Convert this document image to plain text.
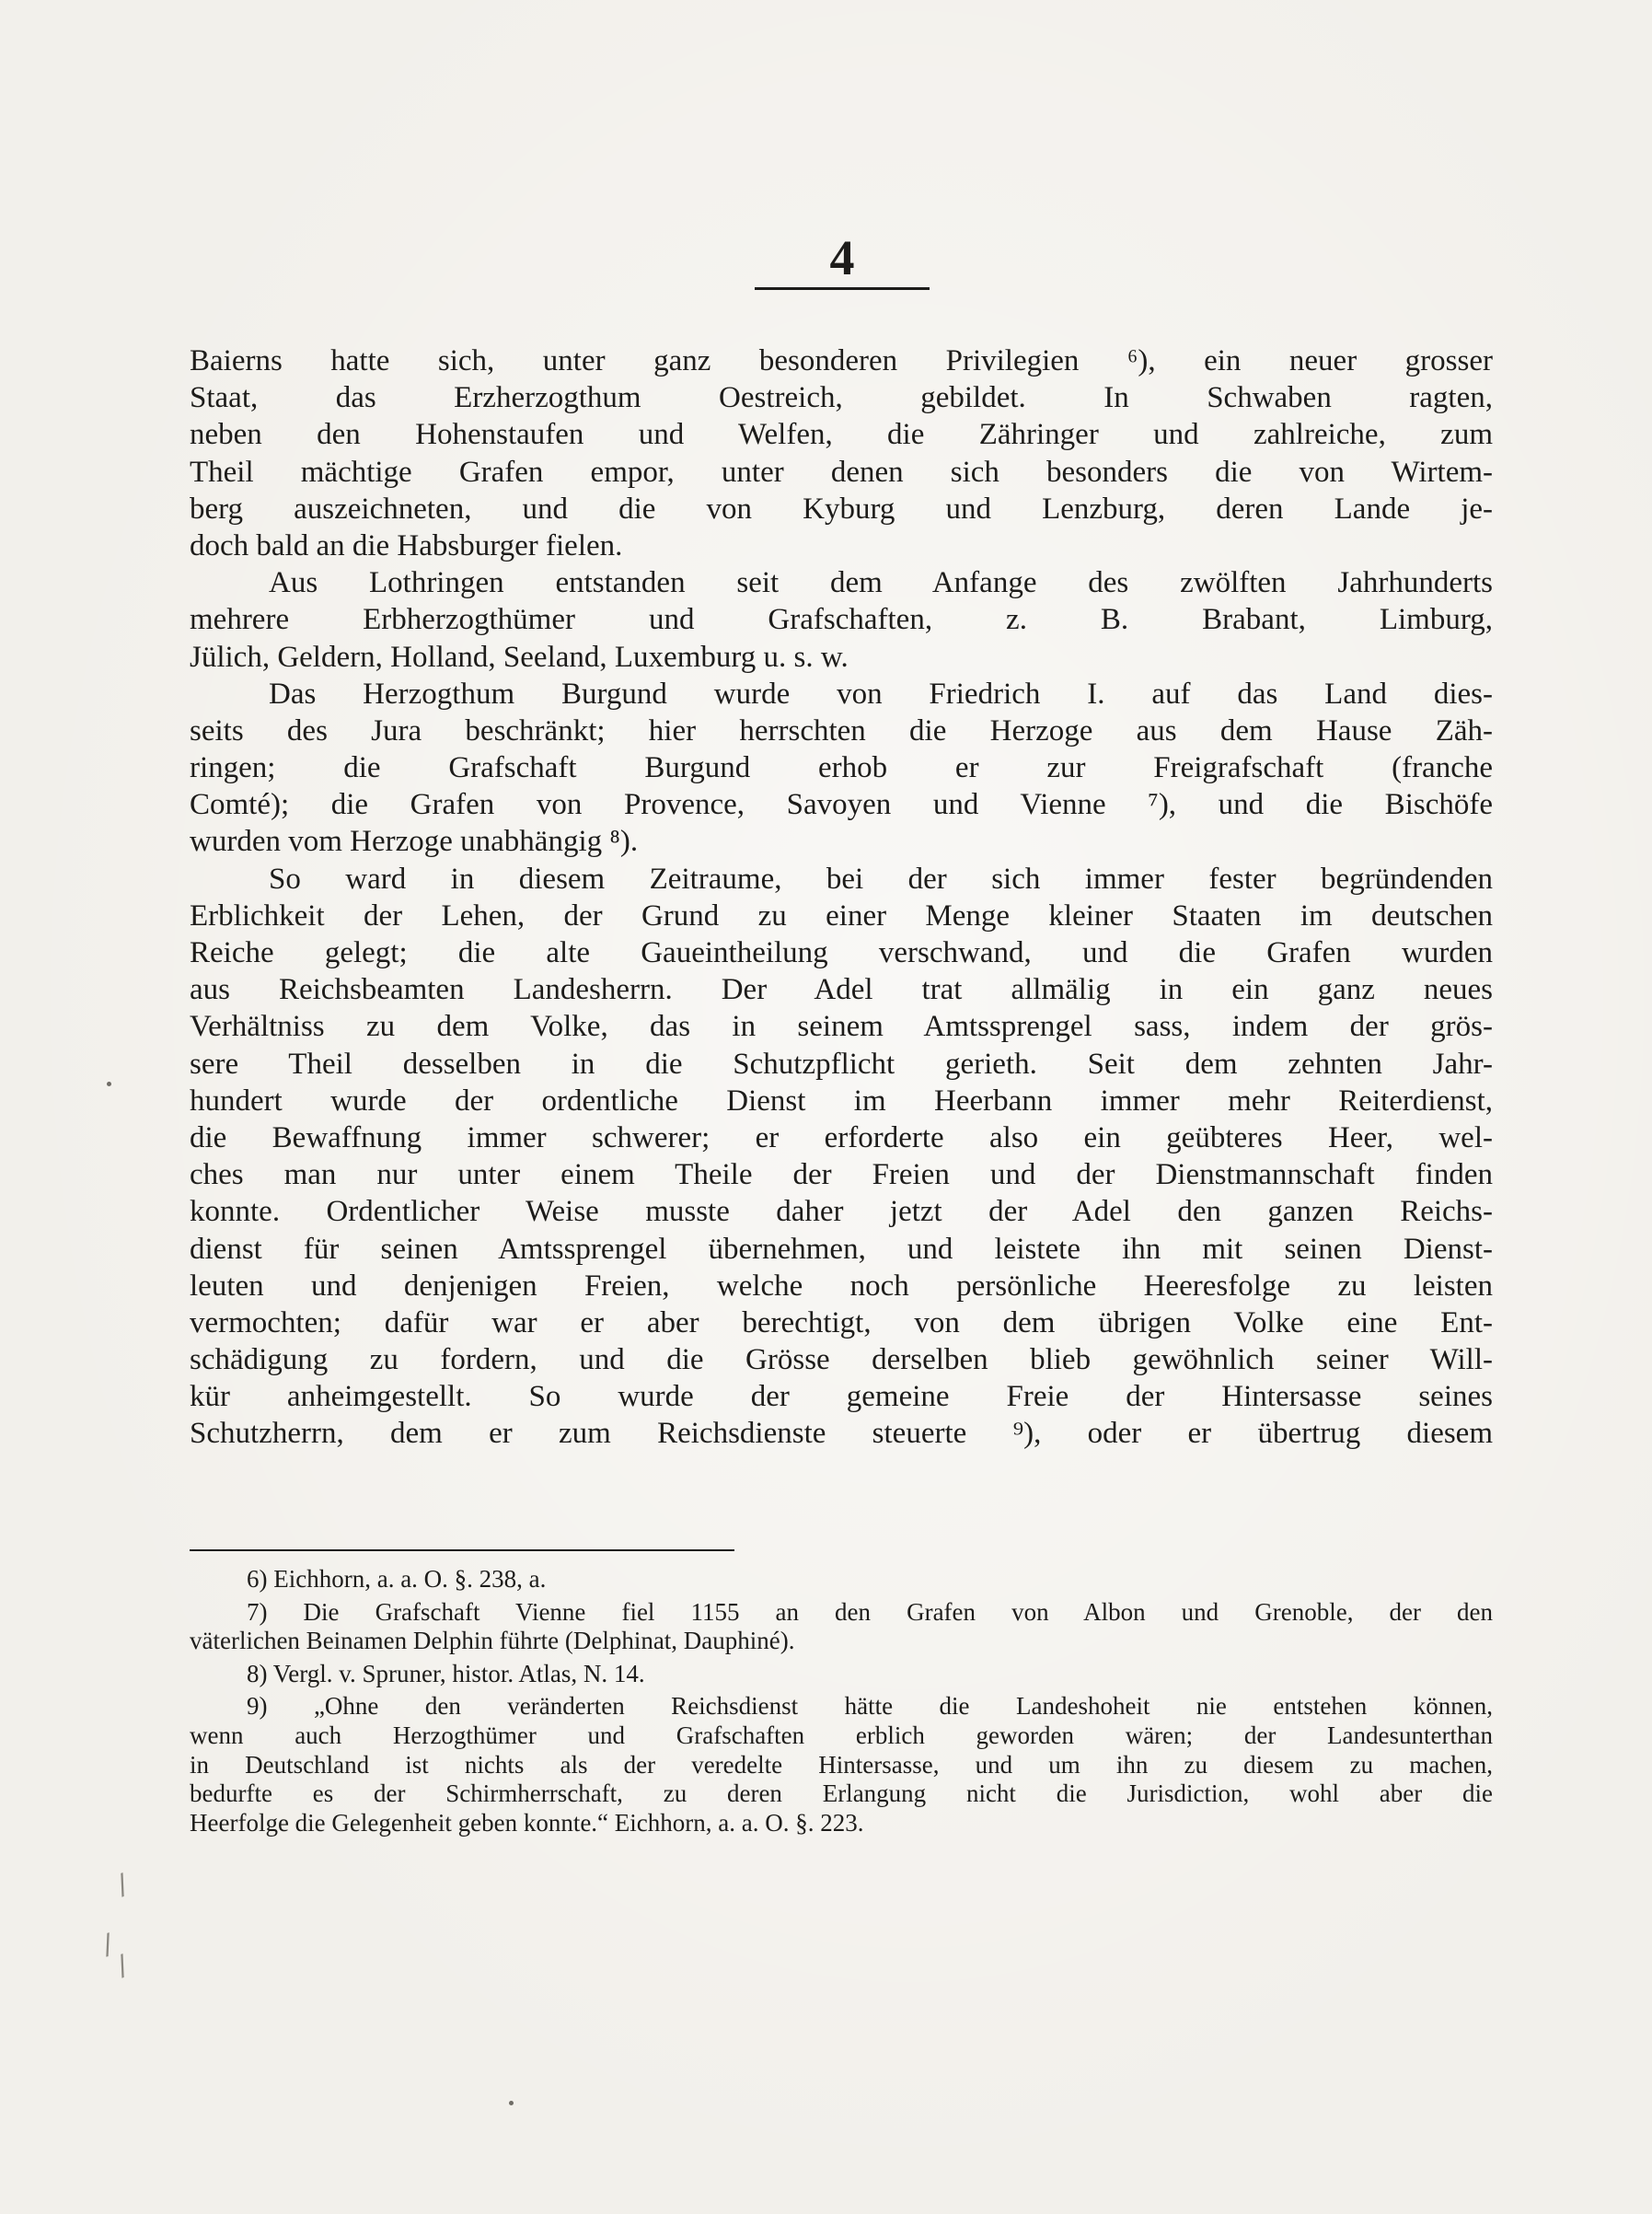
4
Baierns hatte sich, unter ganz besonderen Privilegien ⁶), ein neuer grosser
Staat, das Erzherzogthum Oestreich, gebildet. In Schwaben ragten,
neben den Hohenstaufen und Welfen, die Zähringer und zahlreiche, zum
Theil mächtige Grafen empor, unter denen sich besonders die von Wirtem-
berg auszeichneten, und die von Kyburg und Lenzburg, deren Lande je-
doch bald an die Habsburger fielen.
Aus Lothringen entstanden seit dem Anfange des zwölften Jahrhunderts
mehrere Erbherzogthümer und Grafschaften, z. B. Brabant, Limburg,
Jülich, Geldern, Holland, Seeland, Luxemburg u. s. w.
Das Herzogthum Burgund wurde von Friedrich I. auf das Land dies-
seits des Jura beschränkt; hier herrschten die Herzoge aus dem Hause Zäh-
ringen; die Grafschaft Burgund erhob er zur Freigrafschaft (franche
Comté); die Grafen von Provence, Savoyen und Vienne ⁷), und die Bischöfe
wurden vom Herzoge unabhängig ⁸).
So ward in diesem Zeitraume, bei der sich immer fester begründenden
Erblichkeit der Lehen, der Grund zu einer Menge kleiner Staaten im deutschen
Reiche gelegt; die alte Gaueintheilung verschwand, und die Grafen wurden
aus Reichsbeamten Landesherrn. Der Adel trat allmälig in ein ganz neues
Verhältniss zu dem Volke, das in seinem Amtssprengel sass, indem der grös-
sere Theil desselben in die Schutzpflicht gerieth. Seit dem zehnten Jahr-
hundert wurde der ordentliche Dienst im Heerbann immer mehr Reiterdienst,
die Bewaffnung immer schwerer; er erforderte also ein geübteres Heer, wel-
ches man nur unter einem Theile der Freien und der Dienstmannschaft finden
konnte. Ordentlicher Weise musste daher jetzt der Adel den ganzen Reichs-
dienst für seinen Amtssprengel übernehmen, und leistete ihn mit seinen Dienst-
leuten und denjenigen Freien, welche noch persönliche Heeresfolge zu leisten
vermochten; dafür war er aber berechtigt, von dem übrigen Volke eine Ent-
schädigung zu fordern, und die Grösse derselben blieb gewöhnlich seiner Will-
kür anheimgestellt. So wurde der gemeine Freie der Hintersasse seines
Schutzherrn, dem er zum Reichsdienste steuerte ⁹), oder er übertrug diesem
6) Eichhorn, a. a. O. §. 238, a.
7) Die Grafschaft Vienne fiel 1155 an den Grafen von Albon und Grenoble, der den
väterlichen Beinamen Delphin führte (Delphinat, Dauphiné).
8) Vergl. v. Spruner, histor. Atlas, N. 14.
9) „Ohne den veränderten Reichsdienst hätte die Landeshoheit nie entstehen können,
wenn auch Herzogthümer und Grafschaften erblich geworden wären; der Landesunterthan
in Deutschland ist nichts als der veredelte Hintersasse, und um ihn zu diesem zu machen,
bedurfte es der Schirmherrschaft, zu deren Erlangung nicht die Jurisdiction, wohl aber die
Heerfolge die Gelegenheit geben konnte.“ Eichhorn, a. a. O. §. 223.
/
/
/
